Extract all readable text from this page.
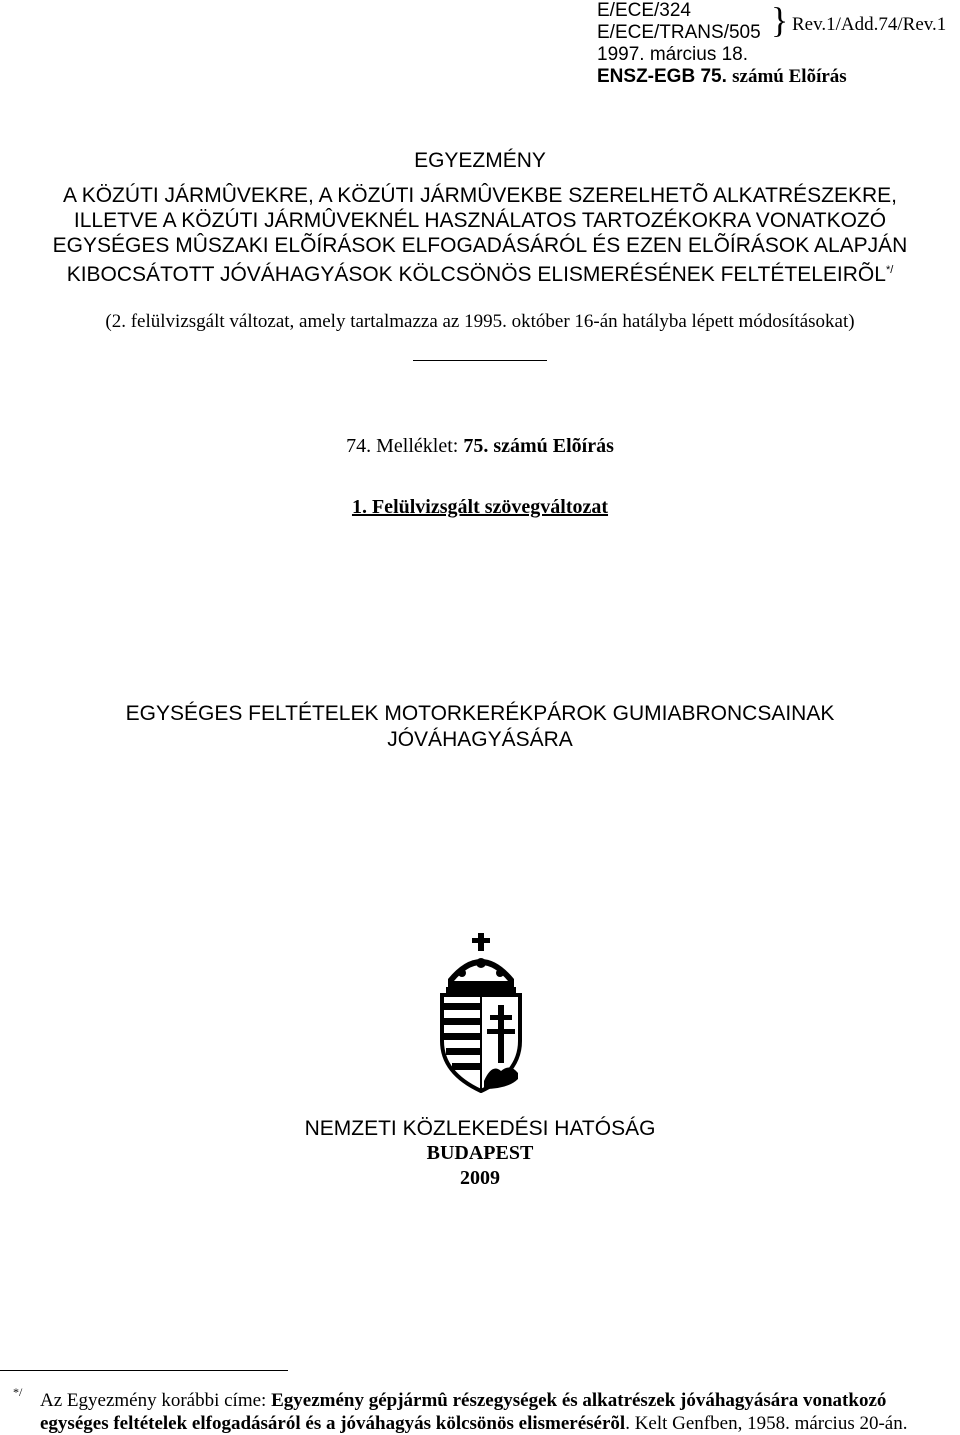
E/ECE/324
E/ECE/TRANS/505 } Rev.1/Add.74/Rev.1
1997. március 18.
ENSZ-EGB 75. számú Elõírás
EGYEZMÉNY
A KÖZÚTI JÁRMÛVEKRE, A KÖZÚTI JÁRMÛVEKBE SZERELHETÕ ALKATRÉSZEKRE,
ILLETVE A KÖZÚTI JÁRMÛVEKNÉL HASZNÁLATOS TARTOZÉKOKRA VONATKOZÓ
EGYSÉGES MÛSZAKI ELÕÍRÁSOK ELFOGADÁSÁRÓL ÉS EZEN ELÕÍRÁSOK ALAPJÁN
KIBOCSÁTOTT JÓVÁHAGYÁSOK KÖLCSÖNÖS ELISMERÉSÉNEK FELTÉTELEIRÕL*/
(2. felülvizsgált változat, amely tartalmazza az 1995. október 16-án hatályba lépett módosításokat)
74. Melléklet: 75. számú Elõírás
1. Felülvizsgált szövegváltozat
EGYSÉGES FELTÉTELEK MOTORKERÉKPÁROK GUMIABRONCSAINAK
JÓVÁHAGYÁSÁRA
NEMZETI KÖZLEKEDÉSI HATÓSÁG
BUDAPEST
2009
*/ Az Egyezmény korábbi címe: Egyezmény gépjármû részegységek és alkatrészek jóváhagyására vonatkozó egységes feltételek elfogadásáról és a jóváhagyás kölcsönös elismerésérõl. Kelt Genfben, 1958. március 20-án.
